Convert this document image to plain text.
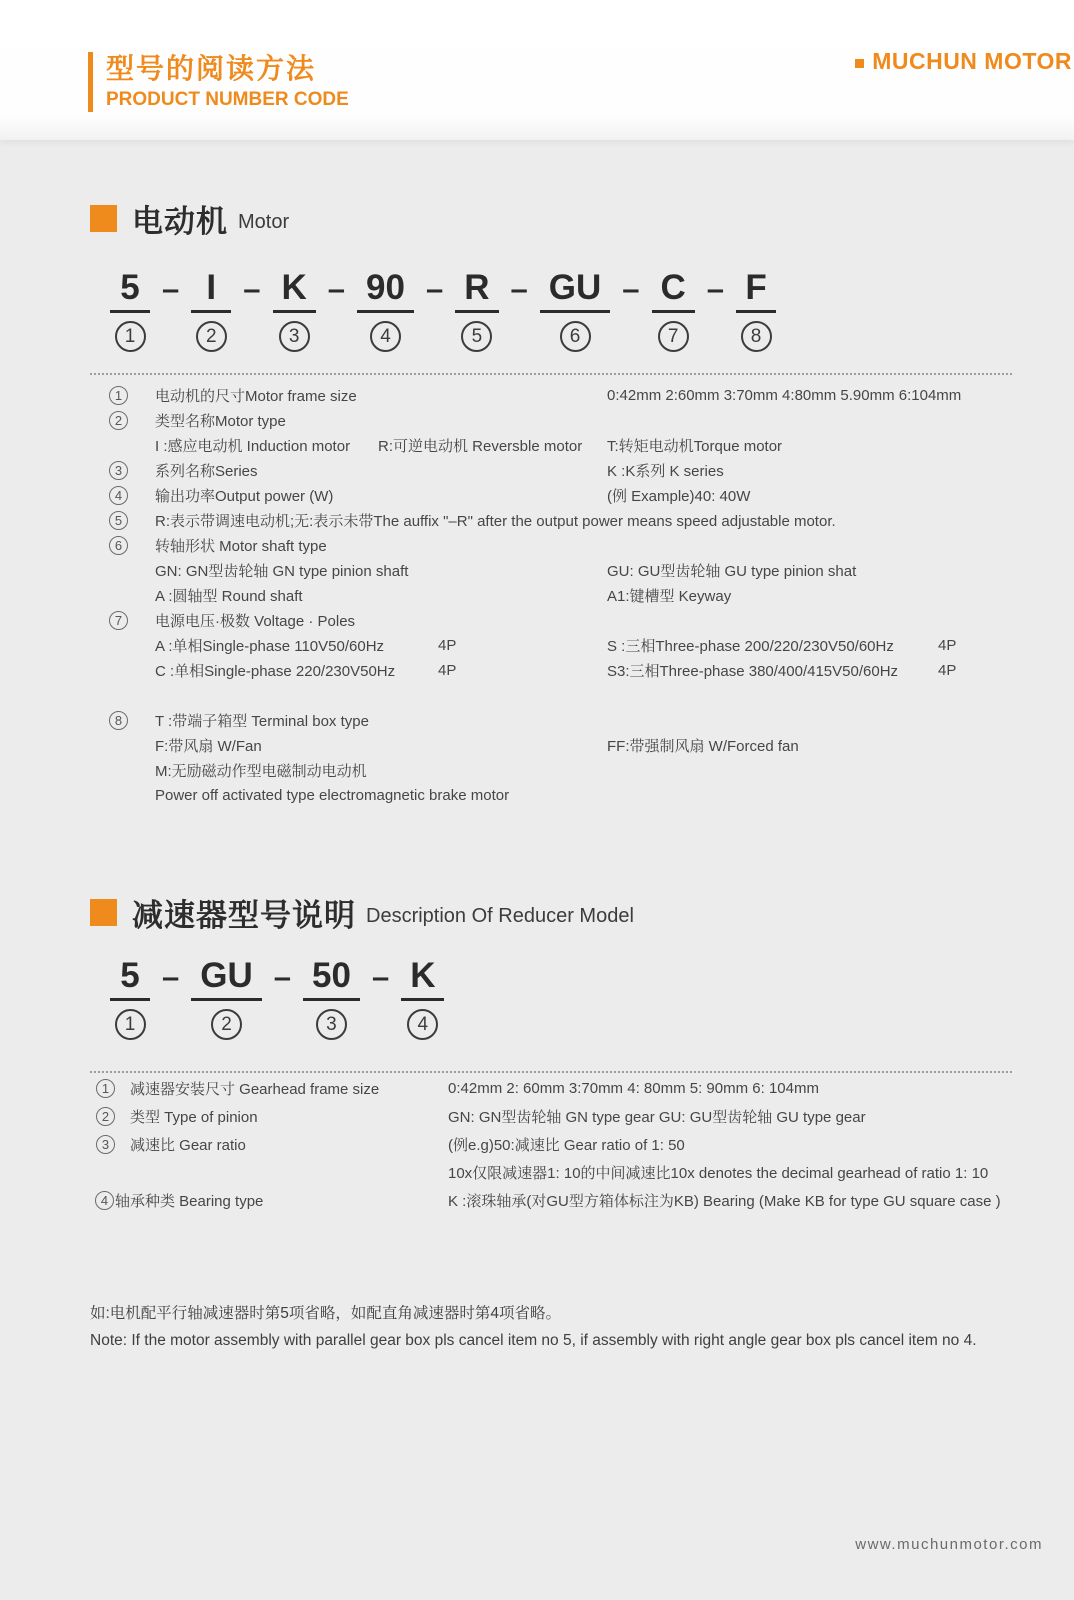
型号的阅读方法
PRODUCT NUMBER CODE
MUCHUN MOTOR
电动机 Motor
5
1
– I
2
– K
3
– 90
4
– R
5
– GU
6
– C
7
– F
8
1	电动机的尺寸Motor frame size	0:42mm 2:60mm 3:70mm 4:80mm 5.90mm 6:104mm
2	类型名称Motor type
I :感应电动机 Induction motor	R:可逆电动机 Reversble motor	T:转矩电动机Torque motor
3	系列名称Series	K :K系列 K series
4	输出功率Output power (W)	(例 Example)40: 40W
5	R:表示带调速电动机;无:表示未带The auffix "–R" after the output power means speed adjustable motor.
6	转轴形状 Motor shaft type
GN: GN型齿轮轴 GN type pinion shaft	GU: GU型齿轮轴 GU type pinion shat
A :圆轴型 Round shaft	A1:键槽型 Keyway
7	电源电压·极数 Voltage · Poles
A :单相Single-phase 110V50/60Hz	4P	S :三相Three-phase 200/220/230V50/60Hz	4P
C :单相Single-phase 220/230V50Hz	4P	S3:三相Three-phase 380/400/415V50/60Hz	4P
8	T :带端子箱型 Terminal box type
F:带风扇 W/Fan	FF:带强制风扇 W/Forced fan
M:无励磁动作型电磁制动电动机
Power off activated type electromagnetic brake motor
减速器型号说明 Description Of Reducer Model
5
1
– GU
2
– 50
3
– K
4
1	减速器安装尺寸 Gearhead frame size	0:42mm 2: 60mm 3:70mm 4: 80mm 5: 90mm 6: 104mm
2	类型 Type of pinion	GN: GN型齿轮轴 GN type gear GU: GU型齿轮轴 GU type gear
3	减速比 Gear ratio	(例e.g)50:减速比 Gear ratio of 1: 50
10x仅限减速器1: 10的中间减速比10x denotes the decimal gearhead of ratio 1: 10
4 轴承种类 Bearing type	K :滚珠轴承(对GU型方箱体标注为KB) Bearing (Make KB for type GU square case )
如:电机配平行轴减速器时第5项省略，如配直角减速器时第4项省略。
Note: If the motor assembly with parallel gear box pls cancel item no 5, if assembly with right angle gear box pls cancel item no 4.
www.muchunmotor.com
